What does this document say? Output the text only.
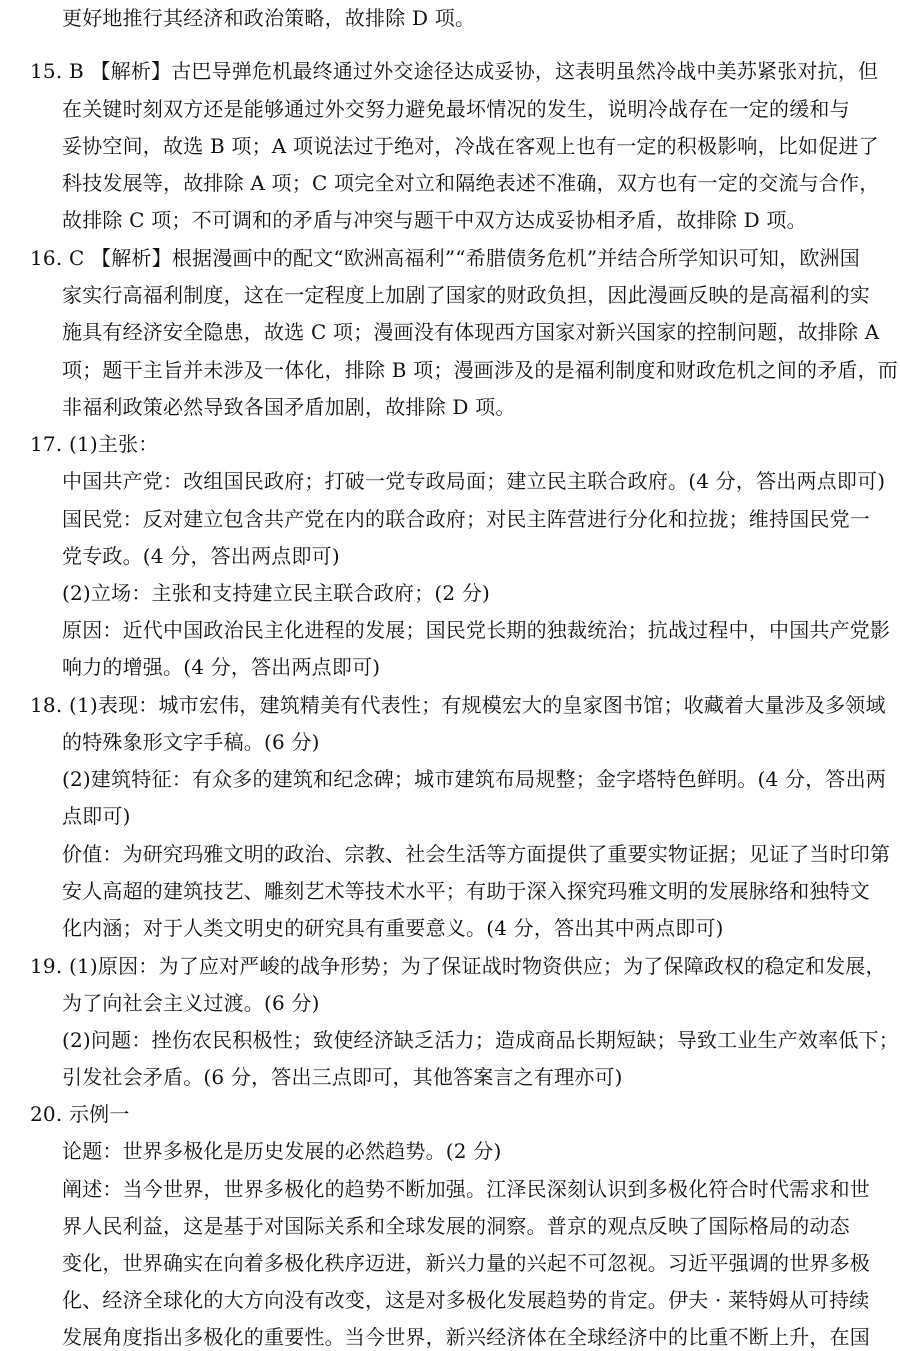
更好地推行其经济和政治策略，故排除 D 项。
15. B 【解析】古巴导弹危机最终通过外交途径达成妥协，这表明虽然冷战中美苏紧张对抗，但
在关键时刻双方还是能够通过外交努力避免最坏情况的发生，说明冷战存在一定的缓和与
妥协空间，故选 B 项；A 项说法过于绝对，冷战在客观上也有一定的积极影响，比如促进了
科技发展等，故排除 A 项；C 项完全对立和隔绝表述不准确，双方也有一定的交流与合作，
故排除 C 项；不可调和的矛盾与冲突与题干中双方达成妥协相矛盾，故排除 D 项。
16. C 【解析】根据漫画中的配文“欧洲高福利”“希腊债务危机”并结合所学知识可知，欧洲国
家实行高福利制度，这在一定程度上加剧了国家的财政负担，因此漫画反映的是高福利的实
施具有经济安全隐患，故选 C 项；漫画没有体现西方国家对新兴国家的控制问题，故排除 A
项；题干主旨并未涉及一体化，排除 B 项；漫画涉及的是福利制度和财政危机之间的矛盾，而
非福利政策必然导致各国矛盾加剧，故排除 D 项。
17. (1)主张：
中国共产党：改组国民政府；打破一党专政局面；建立民主联合政府。(4 分，答出两点即可)
国民党：反对建立包含共产党在内的联合政府；对民主阵营进行分化和拉拢；维持国民党一
党专政。(4 分，答出两点即可)
(2)立场：主张和支持建立民主联合政府；(2 分)
原因：近代中国政治民主化进程的发展；国民党长期的独裁统治；抗战过程中，中国共产党影
响力的增强。(4 分，答出两点即可)
18. (1)表现：城市宏伟，建筑精美有代表性；有规模宏大的皇家图书馆；收藏着大量涉及多领域
的特殊象形文字手稿。(6 分)
(2)建筑特征：有众多的建筑和纪念碑；城市建筑布局规整；金字塔特色鲜明。(4 分，答出两
点即可)
价值：为研究玛雅文明的政治、宗教、社会生活等方面提供了重要实物证据；见证了当时印第
安人高超的建筑技艺、雕刻艺术等技术水平；有助于深入探究玛雅文明的发展脉络和独特文
化内涵；对于人类文明史的研究具有重要意义。(4 分，答出其中两点即可)
19. (1)原因：为了应对严峻的战争形势；为了保证战时物资供应；为了保障政权的稳定和发展，
为了向社会主义过渡。(6 分)
(2)问题：挫伤农民积极性；致使经济缺乏活力；造成商品长期短缺；导致工业生产效率低下；
引发社会矛盾。(6 分，答出三点即可，其他答案言之有理亦可)
20. 示例一
论题：世界多极化是历史发展的必然趋势。(2 分)
阐述：当今世界，世界多极化的趋势不断加强。江泽民深刻认识到多极化符合时代需求和世
界人民利益，这是基于对国际关系和全球发展的洞察。普京的观点反映了国际格局的动态
变化，世界确实在向着多极化秩序迈进，新兴力量的兴起不可忽视。习近平强调的世界多极
化、经济全球化的大方向没有改变，这是对多极化发展趋势的肯定。伊夫 · 莱特姆从可持续
发展角度指出多极化的重要性。当今世界，新兴经济体在全球经济中的比重不断上升，在国
